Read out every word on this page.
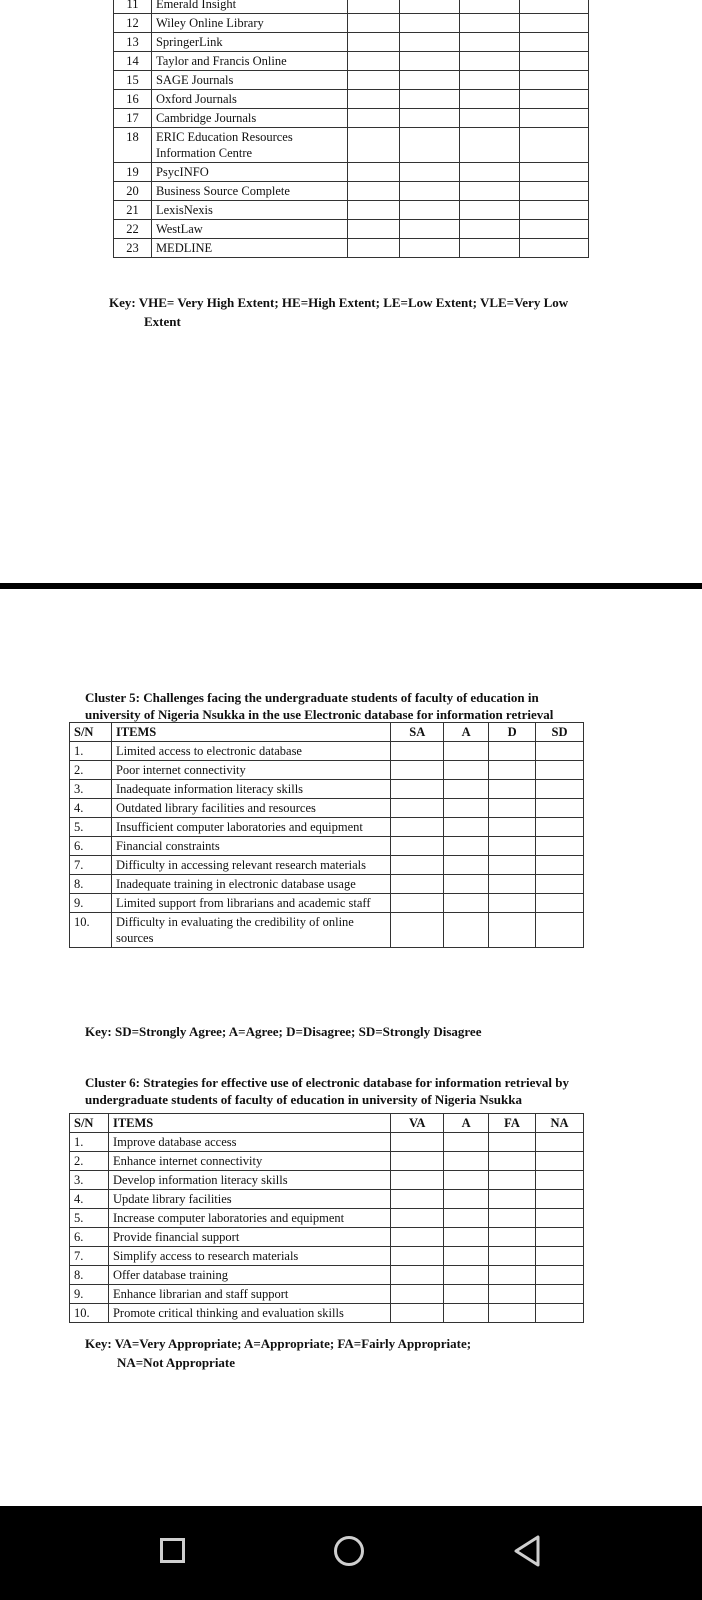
11	Emerald Insight				
12	Wiley Online Library				
13	SpringerLink				
14	Taylor and Francis Online				
15	SAGE Journals				
16	Oxford Journals				
17	Cambridge Journals				
18	ERIC Education Resources Information Centre				
19	PsycINFO				
20	Business Source Complete				
21	LexisNexis				
22	WestLaw				
23	MEDLINE				
Key: VHE= Very High Extent; HE=High Extent; LE=Low Extent; VLE=Very Low
Extent
Cluster 5: Challenges facing the undergraduate students of faculty of education in
university of Nigeria Nsukka in the use Electronic database for information retrieval
S/N	ITEMS	SA	A	D	SD
1.	Limited access to electronic database				
2.	Poor internet connectivity				
3.	Inadequate information literacy skills				
4.	Outdated library facilities and resources				
5.	Insufficient computer laboratories and equipment				
6.	Financial constraints				
7.	Difficulty in accessing relevant research materials				
8.	Inadequate training in electronic database usage				
9.	Limited support from librarians and academic staff				
10.	Difficulty in evaluating the credibility of online sources				
Key: SD=Strongly Agree; A=Agree; D=Disagree; SD=Strongly Disagree
Cluster 6: Strategies for effective use of electronic database for information retrieval by
undergraduate students of faculty of education in university of Nigeria Nsukka
S/N	ITEMS	VA	A	FA	NA
1.	Improve database access				
2.	Enhance internet connectivity				
3.	Develop information literacy skills				
4.	Update library facilities				
5.	Increase computer laboratories and equipment				
6.	Provide financial support				
7.	Simplify access to research materials				
8.	Offer database training				
9.	Enhance librarian and staff support				
10.	Promote critical thinking and evaluation skills				
Key: VA=Very Appropriate; A=Appropriate; FA=Fairly Appropriate;
NA=Not Appropriate
